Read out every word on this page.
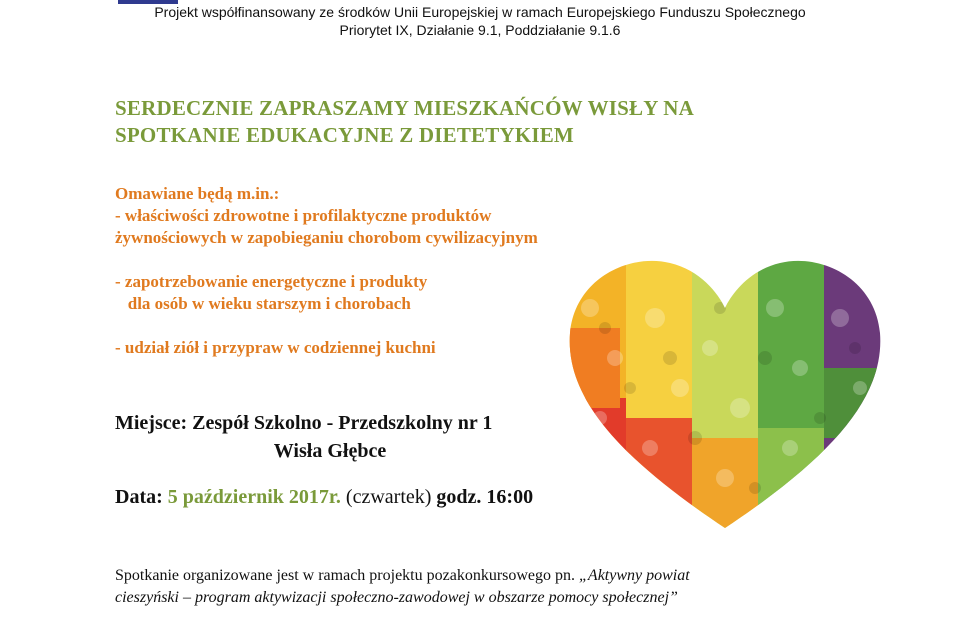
Projekt współfinansowany ze środków Unii Europejskiej w ramach Europejskiego Funduszu Społecznego
Priorytet IX, Działanie 9.1, Poddziałanie 9.1.6
SERDECZNIE ZAPRASZAMY MIESZKAŃCÓW WISŁY NA
SPOTKANIE EDUKACYJNE Z DIETETYKIEM
Omawiane będą m.in.:
- właściwości zdrowotne i profilaktyczne produktów
żywnościowych w zapobieganiu chorobom cywilizacyjnym
- zapotrzebowanie energetyczne i produkty
dla osób w wieku starszym i chorobach
- udział ziół i przypraw w codziennej kuchni
Miejsce: Zespół Szkolno - Przedszkolny nr 1
Wisła Głębce
Data: 5 październik 2017r. (czwartek) godz. 16:00
Spotkanie organizowane jest w ramach projektu pozakonkursowego pn. „Aktywny powiat
cieszyński – program aktywizacji społeczno-zawodowej w obszarze pomocy społecznej”
